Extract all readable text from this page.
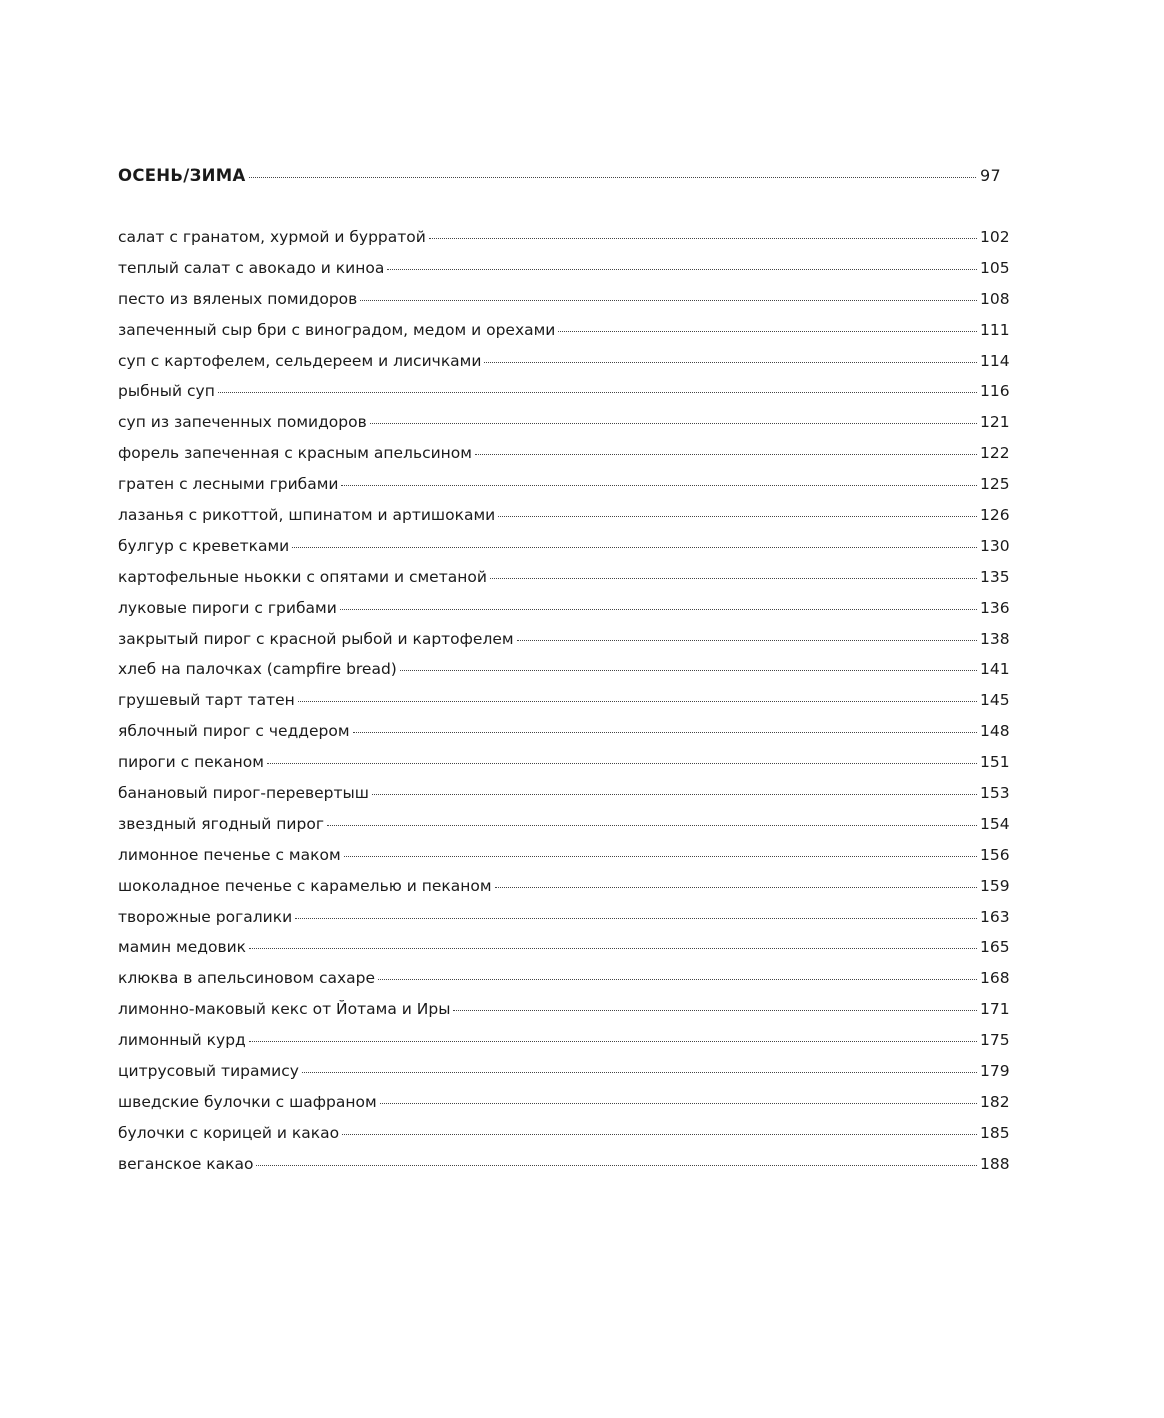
ОСЕНЬ/ЗИМА	97
салат с гранатом, хурмой и бурратой	102
теплый салат с авокадо и киноа	105
песто из вяленых помидоров	108
запеченный сыр бри с виноградом, медом и орехами	111
суп с картофелем, сельдереем и лисичками	114
рыбный суп	116
суп из запеченных помидоров	121
форель запеченная с красным апельсином	122
гратен с лесными грибами	125
лазанья с рикоттой, шпинатом и артишоками	126
булгур с креветками	130
картофельные ньокки с опятами и сметаной	135
луковые пироги с грибами	136
закрытый пирог с красной рыбой и картофелем	138
хлеб на палочках (campfire bread)	141
грушевый тарт татен	145
яблочный пирог с чеддером	148
пироги с пеканом	151
банановый пирог-перевертыш	153
звездный ягодный пирог	154
лимонное печенье с маком	156
шоколадное печенье с карамелью и пеканом	159
творожные рогалики	163
мамин медовик	165
клюква в апельсиновом сахаре	168
лимонно-маковый кекс от Йотама и Иры	171
лимонный курд	175
цитрусовый тирамису	179
шведские булочки с шафраном	182
булочки с корицей и какао	185
веганское какао	188
